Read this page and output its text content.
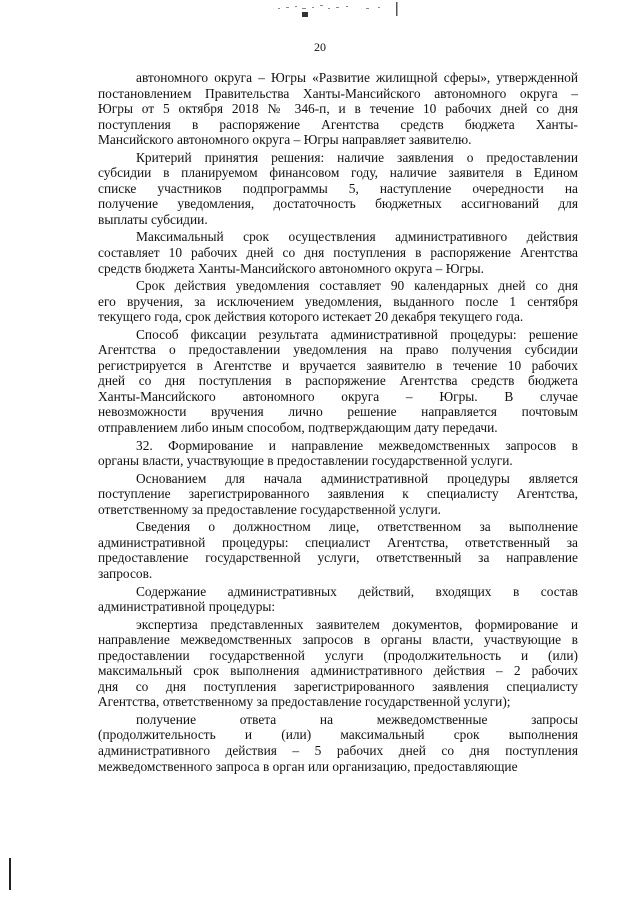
20
автономного округа – Югры «Развитие жилищной сферы», утвержденной
постановлением Правительства Ханты-Мансийского автономного округа –
Югры от 5 октября 2018 № 346-п, и в течение 10 рабочих дней со дня
поступления в распоряжение Агентства средств бюджета Ханты-
Мансийского автономного округа – Югры направляет заявителю.
Критерий принятия решения: наличие заявления о предоставлении
субсидии в планируемом финансовом году, наличие заявителя в Едином
списке участников подпрограммы 5, наступление очередности на
получение уведомления, достаточность бюджетных ассигнований для
выплаты субсидии.
Максимальный срок осуществления административного действия
составляет 10 рабочих дней со дня поступления в распоряжение Агентства
средств бюджета Ханты-Мансийского автономного округа – Югры.
Срок действия уведомления составляет 90 календарных дней со дня
его вручения, за исключением уведомления, выданного после 1 сентября
текущего года, срок действия которого истекает 20 декабря текущего года.
Способ фиксации результата административной процедуры: решение
Агентства о предоставлении уведомления на право получения субсидии
регистрируется в Агентстве и вручается заявителю в течение 10 рабочих
дней со дня поступления в распоряжение Агентства средств бюджета
Ханты-Мансийского автономного округа – Югры. В случае
невозможности вручения лично решение направляется почтовым
отправлением либо иным способом, подтверждающим дату передачи.
32. Формирование и направление межведомственных запросов в
органы власти, участвующие в предоставлении государственной услуги.
Основанием для начала административной процедуры является
поступление зарегистрированного заявления к специалисту Агентства,
ответственному за предоставление государственной услуги.
Сведения о должностном лице, ответственном за выполнение
административной процедуры: специалист Агентства, ответственный за
предоставление государственной услуги, ответственный за направление
запросов.
Содержание административных действий, входящих в состав
административной процедуры:
экспертиза представленных заявителем документов, формирование и
направление межведомственных запросов в органы власти, участвующие в
предоставлении государственной услуги (продолжительность и (или)
максимальный срок выполнения административного действия – 2 рабочих
дня со дня поступления зарегистрированного заявления специалисту
Агентства, ответственному за предоставление государственной услуги);
получение ответа на межведомственные запросы
(продолжительность и (или) максимальный срок выполнения
административного действия – 5 рабочих дней со дня поступления
межведомственного запроса в орган или организацию, предоставляющие
